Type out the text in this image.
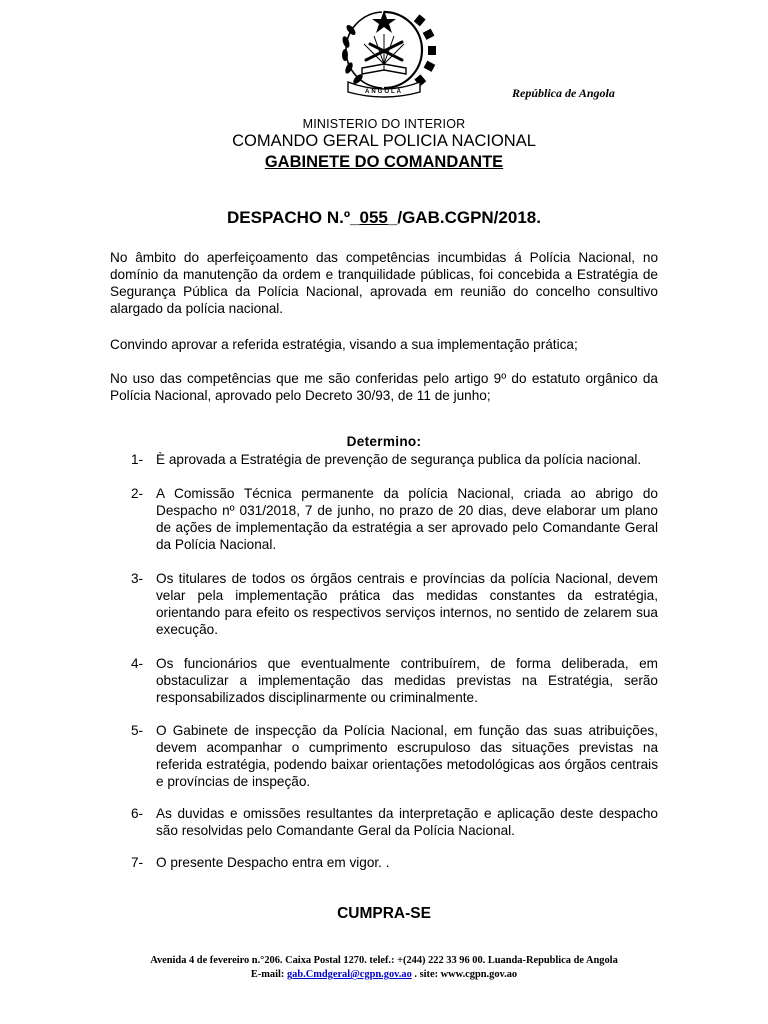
ANGOLA	República de Angola
MINISTERIO DO INTERIOR
COMANDO GERAL POLICIA NACIONAL
GABINETE DO COMANDANTE
DESPACHO N.º_055_/GAB.CGPN/2018.
No âmbito do aperfeiçoamento das competências incumbidas á Polícia Nacional, no domínio da manutenção da ordem e tranquilidade públicas, foi concebida a Estratégia de Segurança Pública da Polícia Nacional, aprovada em reunião do concelho consultivo alargado da polícia nacional.
Convindo aprovar a referida estratégia, visando a sua implementação prática;
No uso das competências que me são conferidas pelo artigo 9º do estatuto orgânico da Polícia Nacional, aprovado pelo Decreto 30/93, de 11 de junho;
Determino:
1- È aprovada a Estratégia de prevenção de segurança publica da polícia nacional.
2- A Comissão Técnica permanente da polícia Nacional, criada ao abrigo do Despacho nº 031/2018, 7 de junho, no prazo de 20 dias, deve elaborar um plano de ações de implementação da estratégia a ser aprovado pelo Comandante Geral da Polícia Nacional.
3- Os titulares de todos os órgãos centrais e províncias da polícia Nacional, devem velar pela implementação prática das medidas constantes da estratégia, orientando para efeito os respectivos serviços internos, no sentido de zelarem sua execução.
4- Os funcionários que eventualmente contribuírem, de forma deliberada, em obstaculizar a implementação das medidas previstas na Estratégia, serão responsabilizados disciplinarmente ou criminalmente.
5- O Gabinete de inspecção da Polícia Nacional, em função das suas atribuições, devem acompanhar o cumprimento escrupuloso das situações previstas na referida estratégia, podendo baixar orientações metodológicas aos órgãos centrais e províncias de inspeção.
6- As duvidas e omissões resultantes da interpretação e aplicação deste despacho são resolvidas pelo Comandante Geral da Polícia Nacional.
7- O presente Despacho entra em vigor. .
CUMPRA-SE
Avenida 4 de fevereiro n.°206. Caixa Postal 1270. telef.: +(244) 222 33 96 00. Luanda-Republica de Angola
E-mail: gab.Cmdgeral@cgpn.gov.ao . site: www.cgpn.gov.ao
